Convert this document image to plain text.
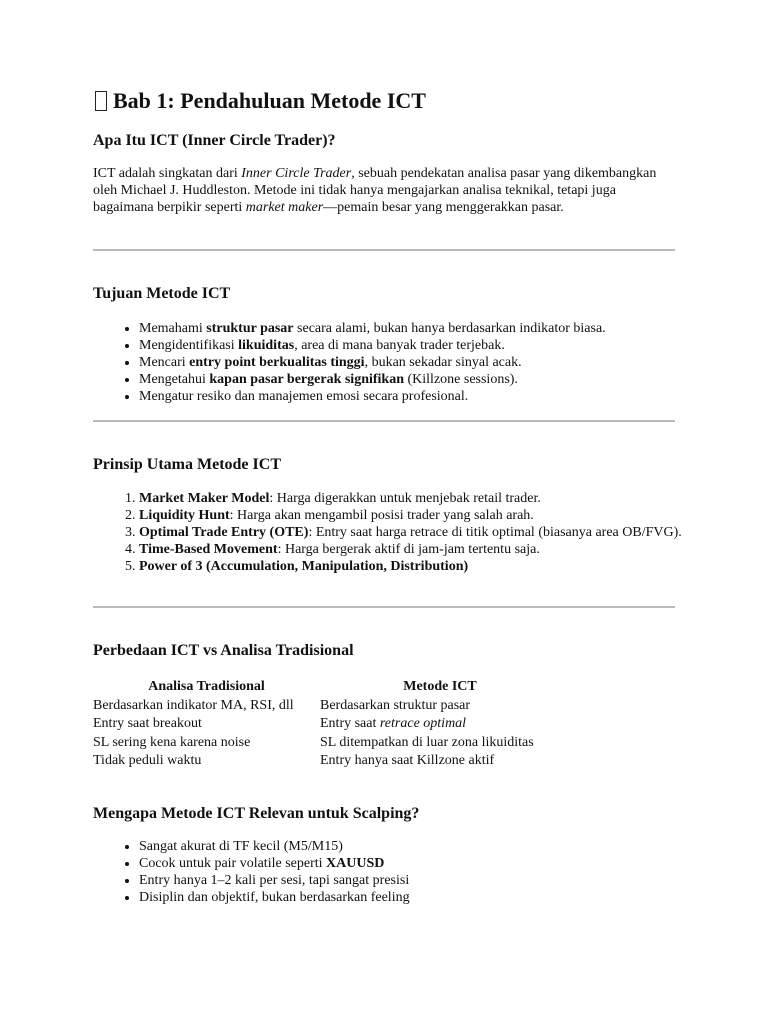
Bab 1: Pendahuluan Metode ICT
Apa Itu ICT (Inner Circle Trader)?

ICT adalah singkatan dari Inner Circle Trader, sebuah pendekatan analisa pasar yang dikembangkan oleh Michael J. Huddleston. Metode ini tidak hanya mengajarkan analisa teknikal, tetapi juga bagaimana berpikir seperti market maker—pemain besar yang menggerakkan pasar.

Tujuan Metode ICT
• Memahami struktur pasar secara alami, bukan hanya berdasarkan indikator biasa.
• Mengidentifikasi likuiditas, area di mana banyak trader terjebak.
• Mencari entry point berkualitas tinggi, bukan sekadar sinyal acak.
• Mengetahui kapan pasar bergerak signifikan (Killzone sessions).
• Mengatur resiko dan manajemen emosi secara profesional.
Prinsip Utama Metode ICT
1. Market Maker Model: Harga digerakkan untuk menjebak retail trader.
2. Liquidity Hunt: Harga akan mengambil posisi trader yang salah arah.
3. Optimal Trade Entry (OTE): Entry saat harga retrace di titik optimal (biasanya area OB/FVG).
4. Time-Based Movement: Harga bergerak aktif di jam-jam tertentu saja.
5. Power of 3 (Accumulation, Manipulation, Distribution)
Perbedaan ICT vs Analisa Tradisional
Analisa Tradisional	Metode ICT
Berdasarkan indikator MA, RSI, dll	Berdasarkan struktur pasar
Entry saat breakout	Entry saat retrace optimal
SL sering kena karena noise	SL ditempatkan di luar zona likuiditas
Tidak peduli waktu	Entry hanya saat Killzone aktif
Mengapa Metode ICT Relevan untuk Scalping?
• Sangat akurat di TF kecil (M5/M15)
• Cocok untuk pair volatile seperti XAUUSD
• Entry hanya 1–2 kali per sesi, tapi sangat presisi
• Disiplin dan objektif, bukan berdasarkan feeling
